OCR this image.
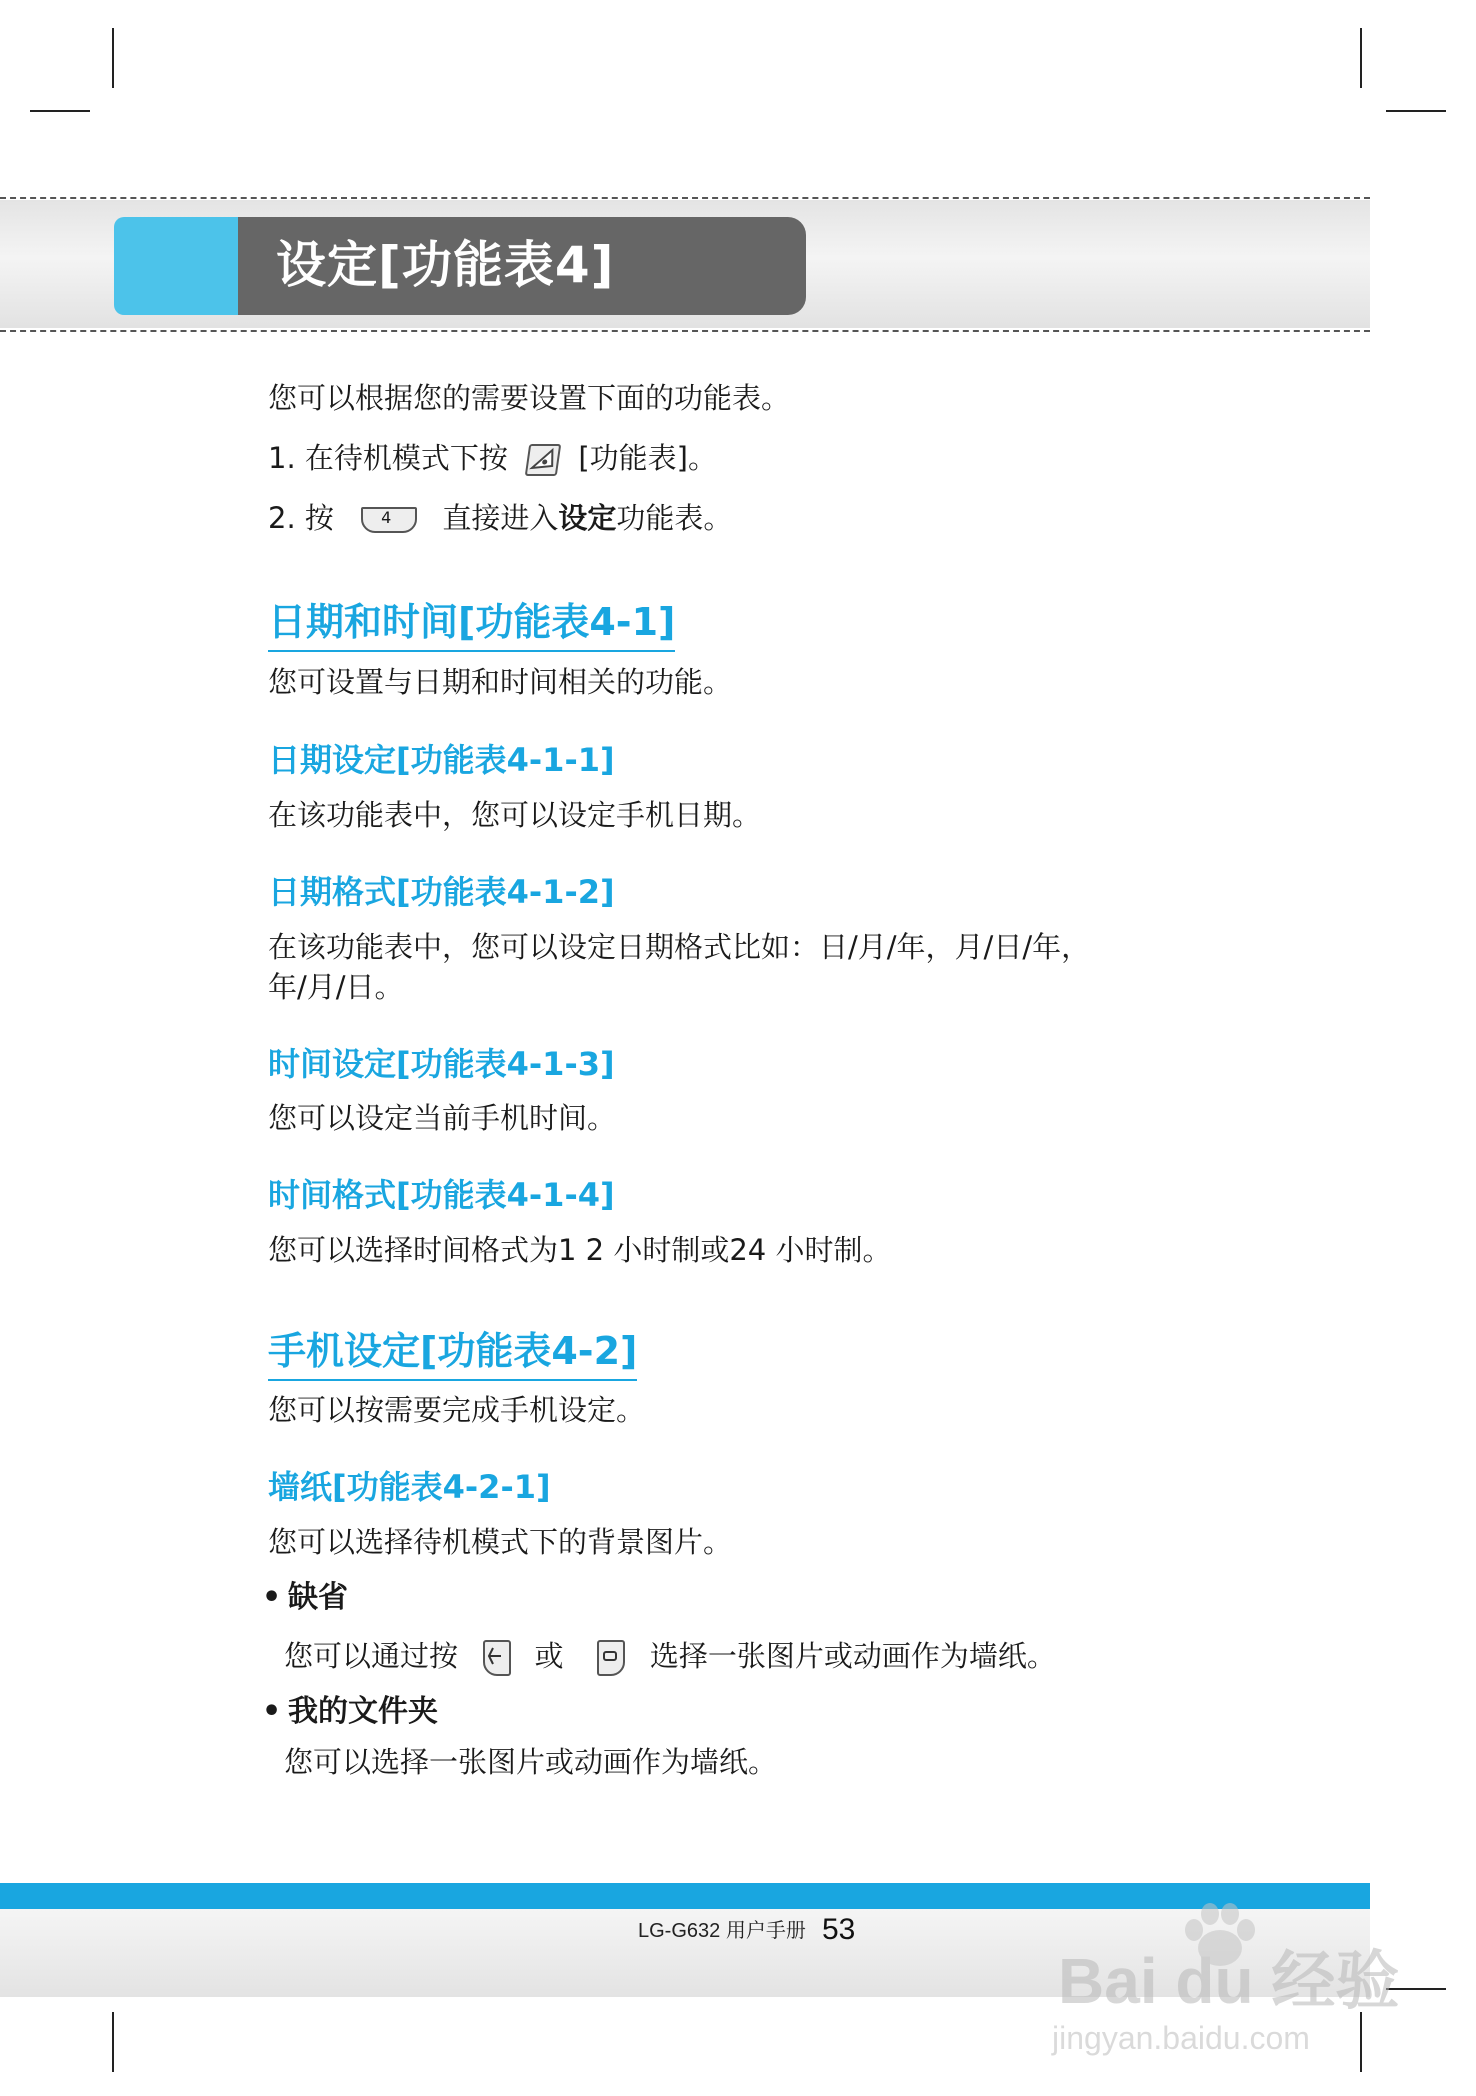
设定[功能表4]

您可以根据您的需要设置下面的功能表。

1. 在待机模式下按 [功能表]。

2. 按	4 直接进入设定功能表。

日期和时间[功能表4-1]

您可设置与日期和时间相关的功能。

日期设定[功能表4-1-1]

在该功能表中，您可以设定手机日期。

日期格式[功能表4-1-2]

在该功能表中，您可以设定日期格式比如：日/月/年，月/日/年，

年/月/日。

时间设定[功能表4-1-3]

您可以设定当前手机时间。

时间格式[功能表4-1-4]

您可以选择时间格式为1 2 小时制或24 小时制。

手机设定[功能表4-2]

您可以按需要完成手机设定。

墙纸[功能表4-2-1]

您可以选择待机模式下的背景图片。

• 缺省

您可以通过按	或	选择一张图片或动画作为墙纸。

• 我的文件夹

您可以选择一张图片或动画作为墙纸。

LG-G632 用户手册 53

Bai du 经验

jingyan.baidu.com
